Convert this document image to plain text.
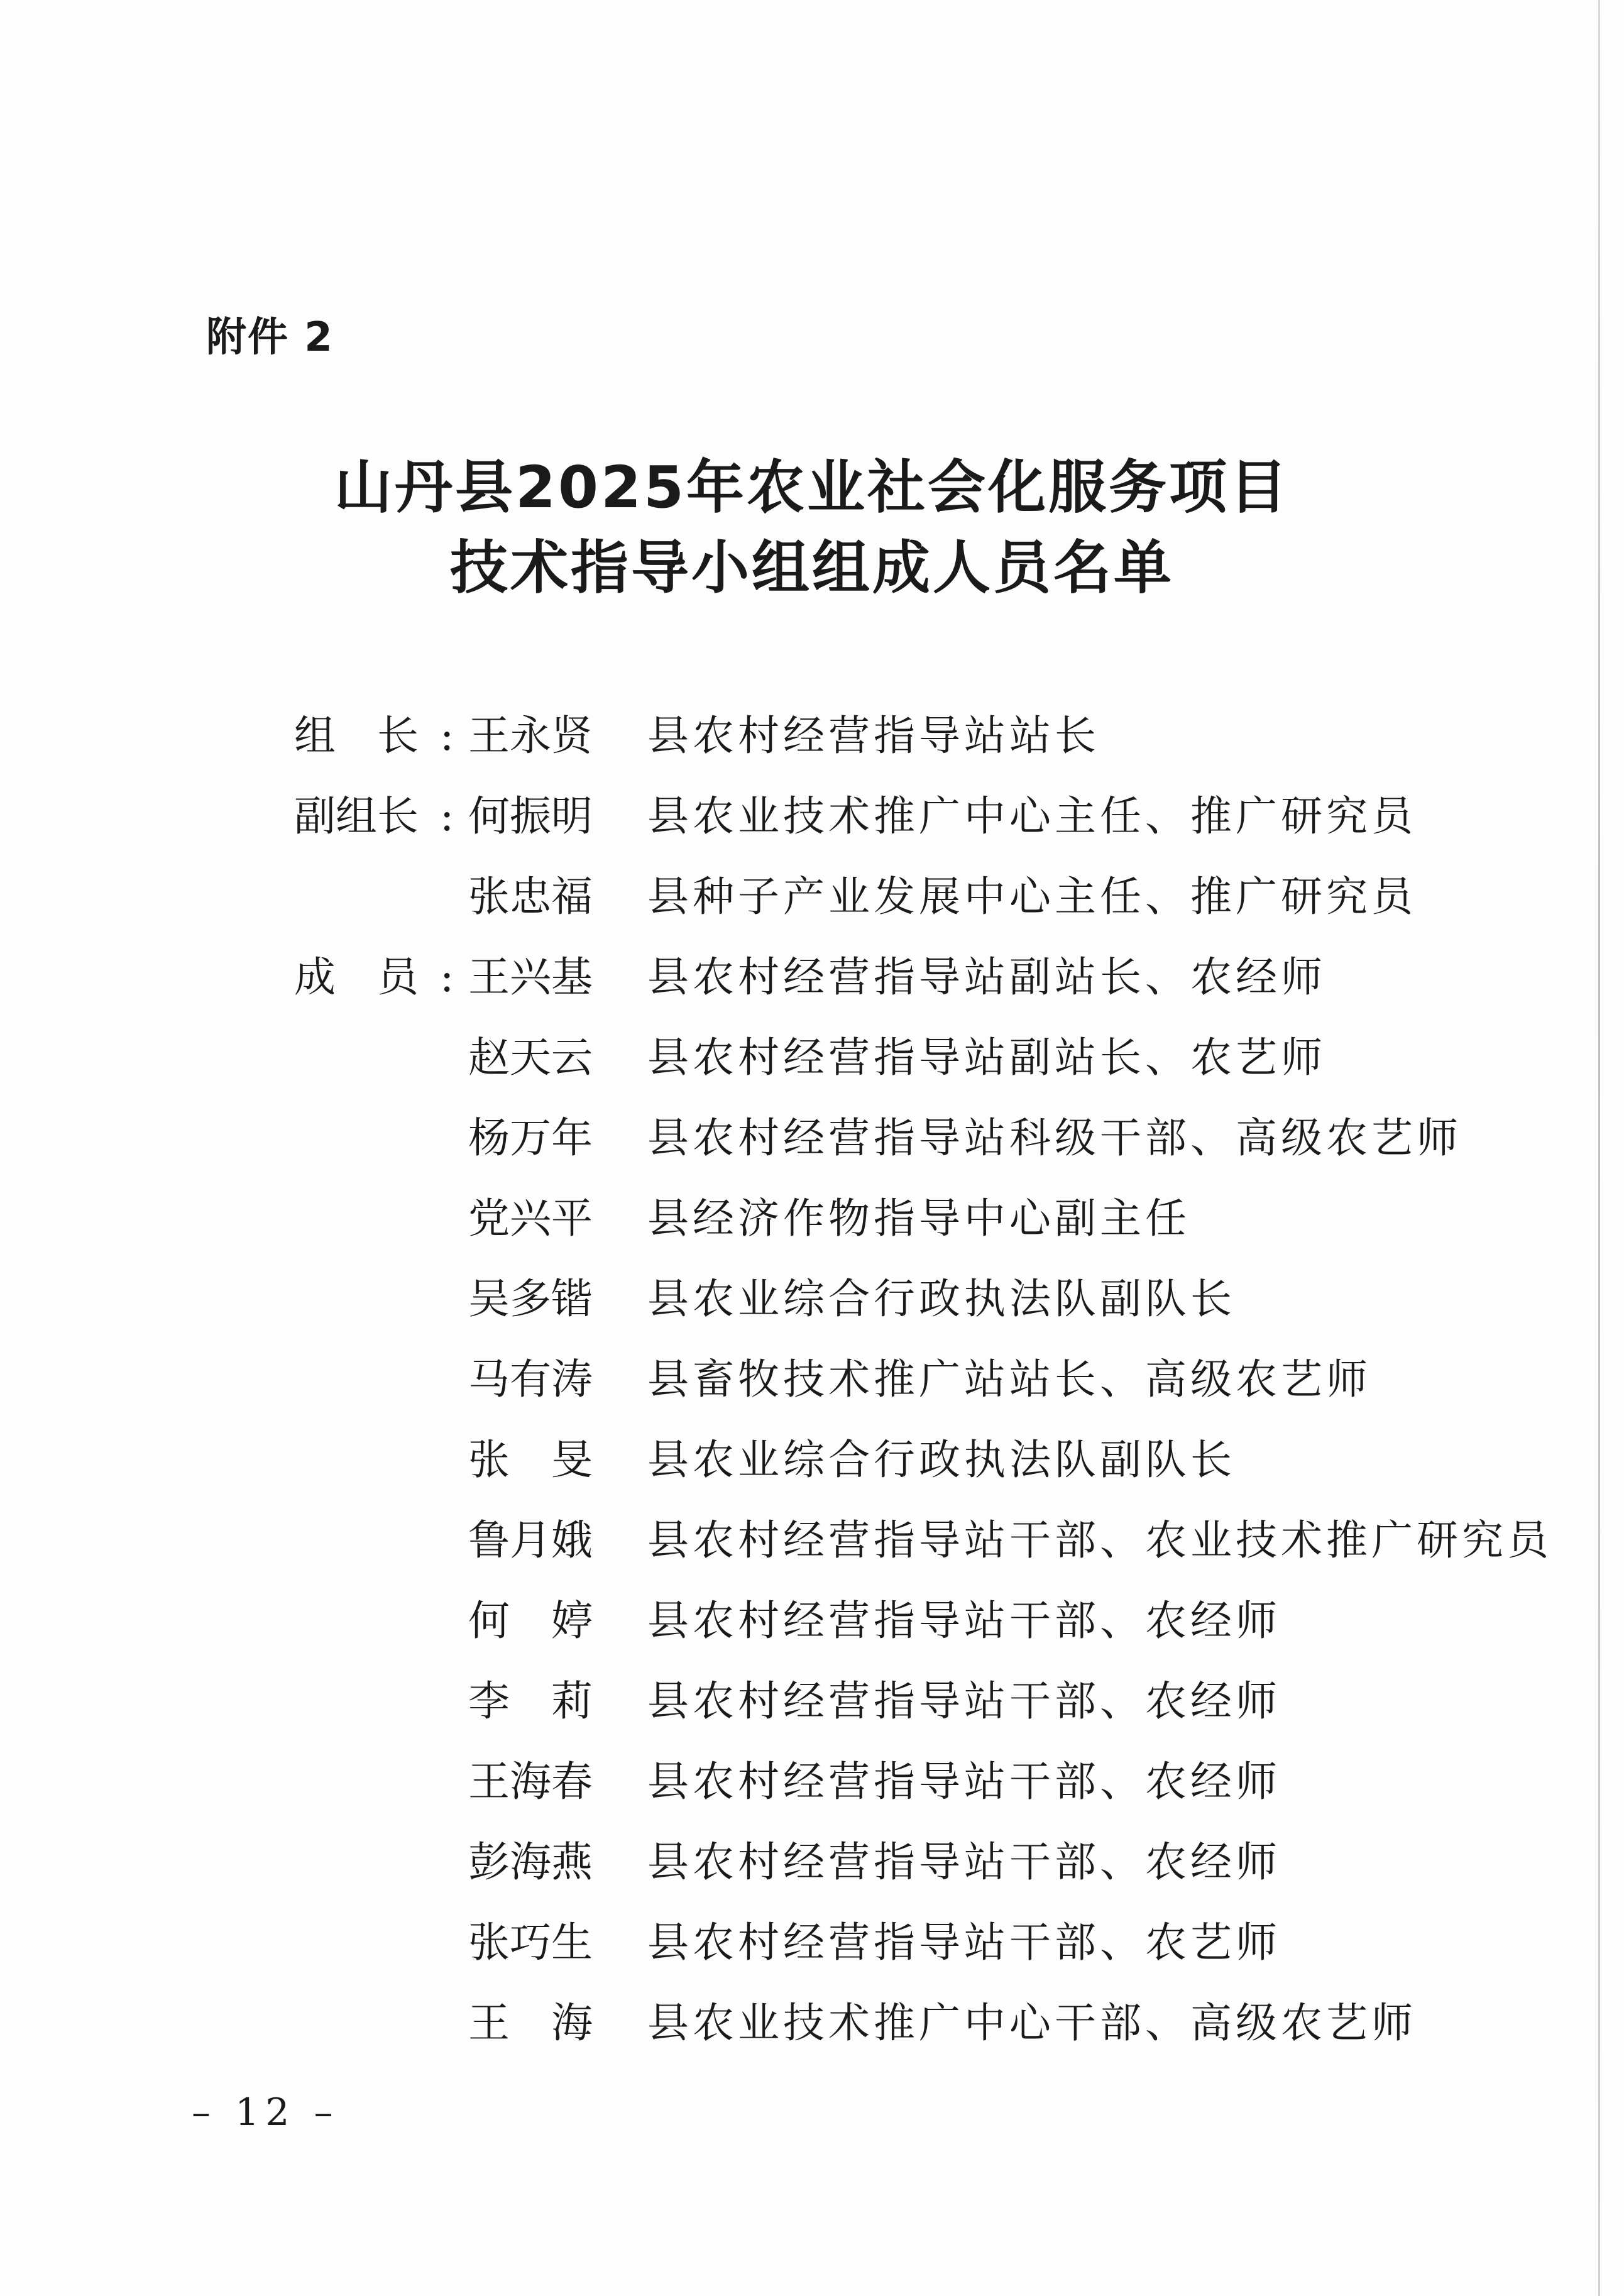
附件 2
山丹县2025年农业社会化服务项目
技术指导小组组成人员名单
组　长 : 王永贤 县农村经营指导站站长
副组长 : 何振明 县农业技术推广中心主任、推广研究员
张忠福 县种子产业发展中心主任、推广研究员
成　员 : 王兴基 县农村经营指导站副站长、农经师
赵天云 县农村经营指导站副站长、农艺师
杨万年 县农村经营指导站科级干部、高级农艺师
党兴平 县经济作物指导中心副主任
吴多锴 县农业综合行政执法队副队长
马有涛 县畜牧技术推广站站长、高级农艺师
张　旻 县农业综合行政执法队副队长
鲁月娥 县农村经营指导站干部、农业技术推广研究员
何　婷 县农村经营指导站干部、农经师
李　莉 县农村经营指导站干部、农经师
王海春 县农村经营指导站干部、农经师
彭海燕 县农村经营指导站干部、农经师
张巧生 县农村经营指导站干部、农艺师
王　海 县农业技术推广中心干部、高级农艺师
– 12 –
